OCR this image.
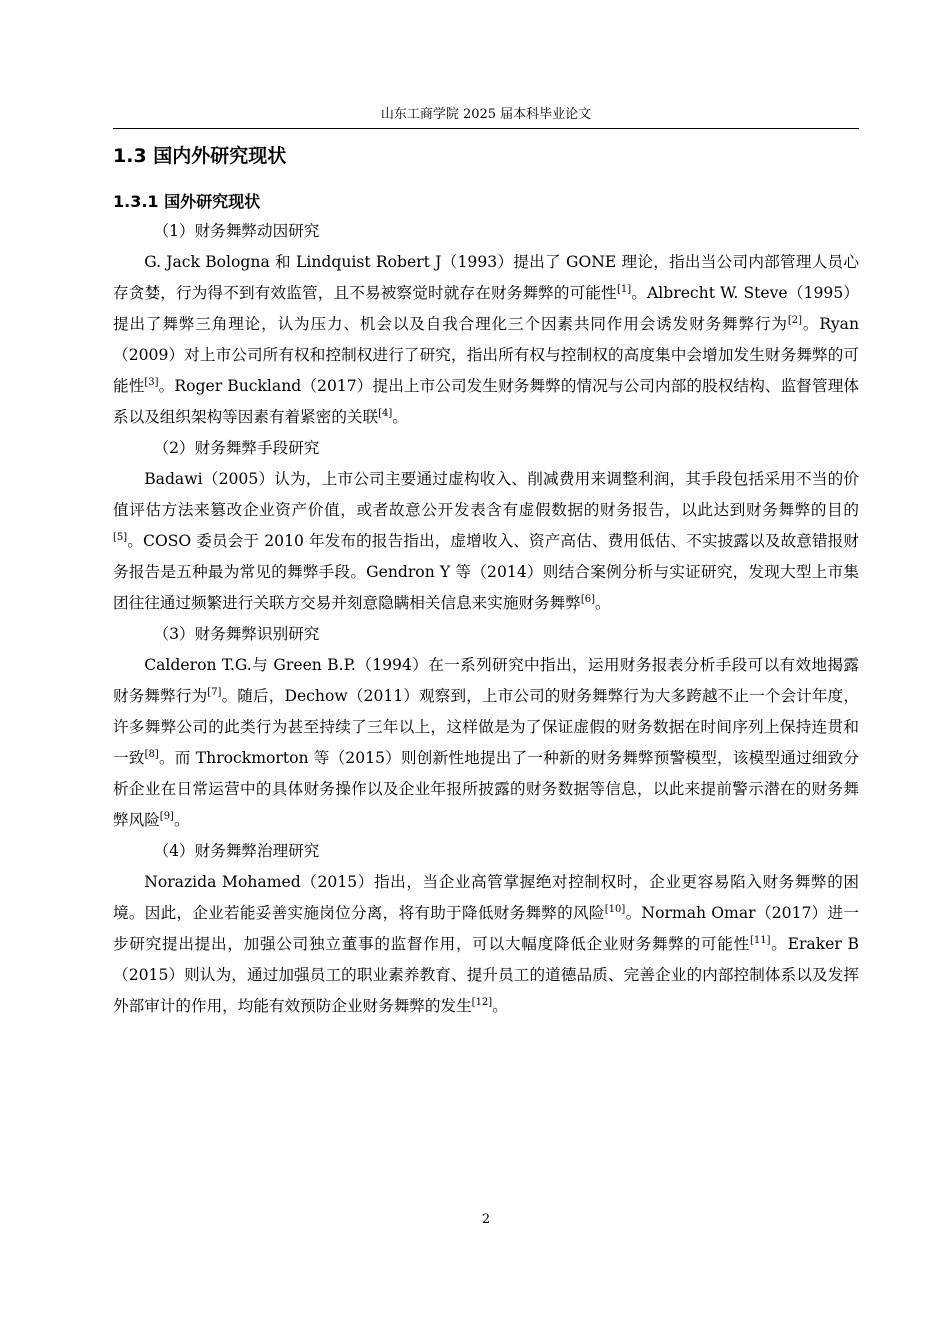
山东工商学院 2025 届本科毕业论文
1.3 国内外研究现状
1.3.1 国外研究现状

（1）财务舞弊动因研究

G. Jack Bologna 和 Lindquist Robert J（1993）提出了 GONE 理论，指出当公司内部管理人员心存贪婪，行为得不到有效监管，且不易被察觉时就存在财务舞弊的可能性[1]。Albrecht W. Steve（1995）提出了舞弊三角理论，认为压力、机会以及自我合理化三个因素共同作用会诱发财务舞弊行为[2]。Ryan（2009）对上市公司所有权和控制权进行了研究，指出所有权与控制权的高度集中会增加发生财务舞弊的可能性[3]。Roger Buckland（2017）提出上市公司发生财务舞弊的情况与公司内部的股权结构、监督管理体系以及组织架构等因素有着紧密的关联[4]。

（2）财务舞弊手段研究

Badawi（2005）认为，上市公司主要通过虚构收入、削减费用来调整利润，其手段包括采用不当的价值评估方法来篡改企业资产价值，或者故意公开发表含有虚假数据的财务报告，以此达到财务舞弊的目的[5]。COSO 委员会于 2010 年发布的报告指出，虚增收入、资产高估、费用低估、不实披露以及故意错报财务报告是五种最为常见的舞弊手段。Gendron Y 等（2014）则结合案例分析与实证研究，发现大型上市集团往往通过频繁进行关联方交易并刻意隐瞒相关信息来实施财务舞弊[6]。

（3）财务舞弊识别研究

Calderon T.G.与 Green B.P.（1994）在一系列研究中指出，运用财务报表分析手段可以有效地揭露财务舞弊行为[7]。随后，Dechow（2011）观察到，上市公司的财务舞弊行为大多跨越不止一个会计年度，许多舞弊公司的此类行为甚至持续了三年以上，这样做是为了保证虚假的财务数据在时间序列上保持连贯和一致[8]。而 Throckmorton 等（2015）则创新性地提出了一种新的财务舞弊预警模型，该模型通过细致分析企业在日常运营中的具体财务操作以及企业年报所披露的财务数据等信息，以此来提前警示潜在的财务舞弊风险[9]。

（4）财务舞弊治理研究

Norazida Mohamed（2015）指出，当企业高管掌握绝对控制权时，企业更容易陷入财务舞弊的困境。因此，企业若能妥善实施岗位分离，将有助于降低财务舞弊的风险[10]。Normah Omar（2017）进一步研究提出提出，加强公司独立董事的监督作用，可以大幅度降低企业财务舞弊的可能性[11]。Eraker B（2015）则认为，通过加强员工的职业素养教育、提升员工的道德品质、完善企业的内部控制体系以及发挥外部审计的作用，均能有效预防企业财务舞弊的发生[12]。

2
